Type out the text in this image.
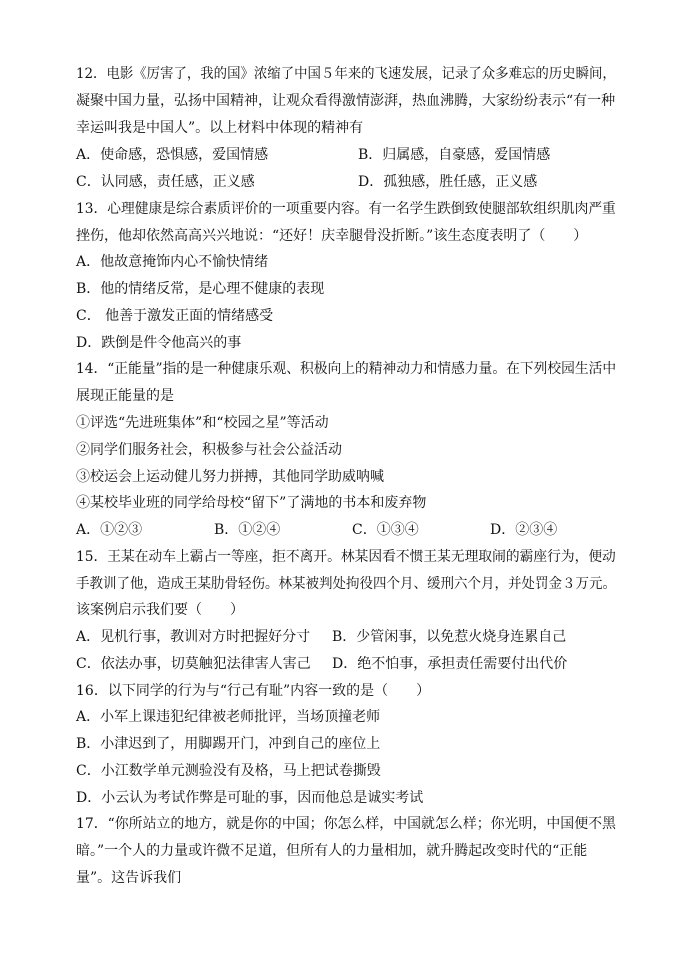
12．电影《厉害了，我的国》浓缩了中国５年来的飞速发展，记录了众多难忘的历史瞬间，
凝聚中国力量，弘扬中国精神，让观众看得激情澎湃，热血沸腾，大家纷纷表示“有一种
幸运叫我是中国人”。以上材料中体现的精神有
A．使命感，恐惧感，爱国情感	B．归属感，自豪感，爱国情感
C．认同感，责任感，正义感	D．孤独感，胜任感，正义感
13．心理健康是综合素质评价的一项重要内容。有一名学生跌倒致使腿部软组织肌肉严重
挫伤，他却依然高高兴兴地说：“还好！庆幸腿骨没折断。”该生态度表明了（　　）
A．他故意掩饰内心不愉快情绪
B．他的情绪反常，是心理不健康的表现
C． 他善于激发正面的情绪感受
D．跌倒是件令他高兴的事
14．“正能量”指的是一种健康乐观、积极向上的精神动力和情感力量。在下列校园生活中
展现正能量的是
①评选“先进班集体”和“校园之星”等活动
②同学们服务社会，积极参与社会公益活动
③校运会上运动健儿努力拼搏，其他同学助威呐喊
④某校毕业班的同学给母校“留下”了满地的书本和废弃物
A．①②③	B．①②④	C．①③④	D．②③④
15．王某在动车上霸占一等座，拒不离开。林某因看不惯王某无理取闹的霸座行为，便动
手教训了他，造成王某肋骨轻伤。林某被判处拘役四个月、缓刑六个月，并处罚金３万元。
该案例启示我们要（　　）
A．见机行事，教训对方时把握好分寸 B．少管闲事，以免惹火烧身连累自己
C．依法办事，切莫触犯法律害人害己 D．绝不怕事，承担责任需要付出代价
16．以下同学的行为与“行己有耻”内容一致的是（　　）
A．小军上课违犯纪律被老师批评，当场顶撞老师
B．小津迟到了，用脚踢开门，冲到自己的座位上
C．小江数学单元测验没有及格，马上把试卷撕毁
D．小云认为考试作弊是可耻的事，因而他总是诚实考试
17．“你所站立的地方，就是你的中国；你怎么样，中国就怎么样；你光明，中国便不黑
暗。”一个人的力量或许微不足道，但所有人的力量相加，就升腾起改变时代的“正能
量”。这告诉我们
